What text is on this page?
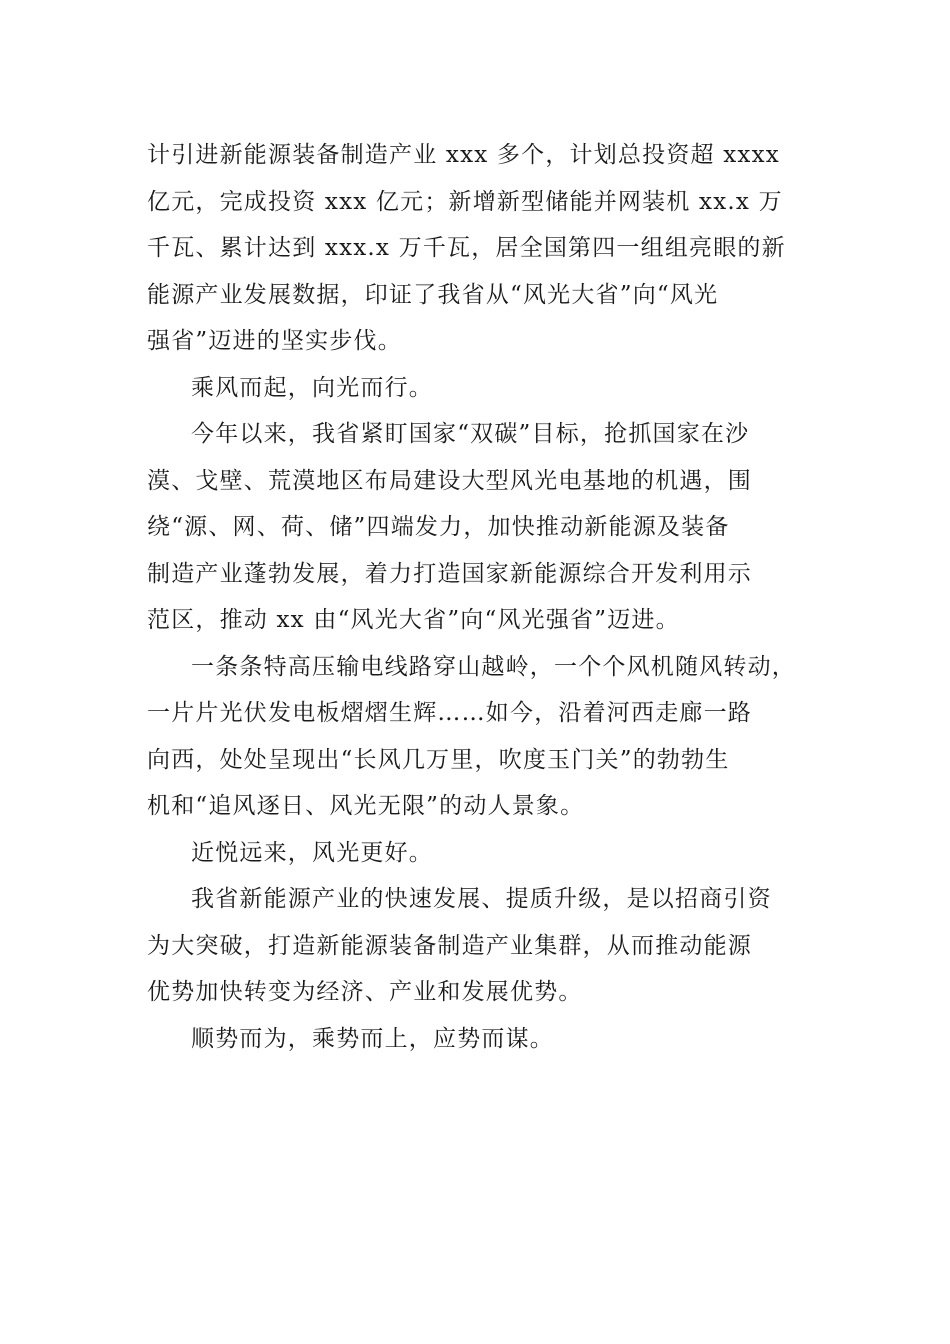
计引进新能源装备制造产业 xxx 多个，计划总投资超 xxxx
亿元，完成投资 xxx 亿元；新增新型储能并网装机 xx.x 万
千瓦、累计达到 xxx.x 万千瓦，居全国第四一组组亮眼的新
能源产业发展数据，印证了我省从“风光大省”向“风光
强省”迈进的坚实步伐。
乘风而起，向光而行。
今年以来，我省紧盯国家“双碳”目标，抢抓国家在沙
漠、戈壁、荒漠地区布局建设大型风光电基地的机遇，围
绕“源、网、荷、储”四端发力，加快推动新能源及装备
制造产业蓬勃发展，着力打造国家新能源综合开发利用示
范区，推动 xx 由“风光大省”向“风光强省”迈进。
一条条特高压输电线路穿山越岭，一个个风机随风转动，
一片片光伏发电板熠熠生辉……如今，沿着河西走廊一路
向西，处处呈现出“长风几万里，吹度玉门关”的勃勃生
机和“追风逐日、风光无限”的动人景象。
近悦远来，风光更好。
我省新能源产业的快速发展、提质升级，是以招商引资
为大突破，打造新能源装备制造产业集群，从而推动能源
优势加快转变为经济、产业和发展优势。
顺势而为，乘势而上，应势而谋。
